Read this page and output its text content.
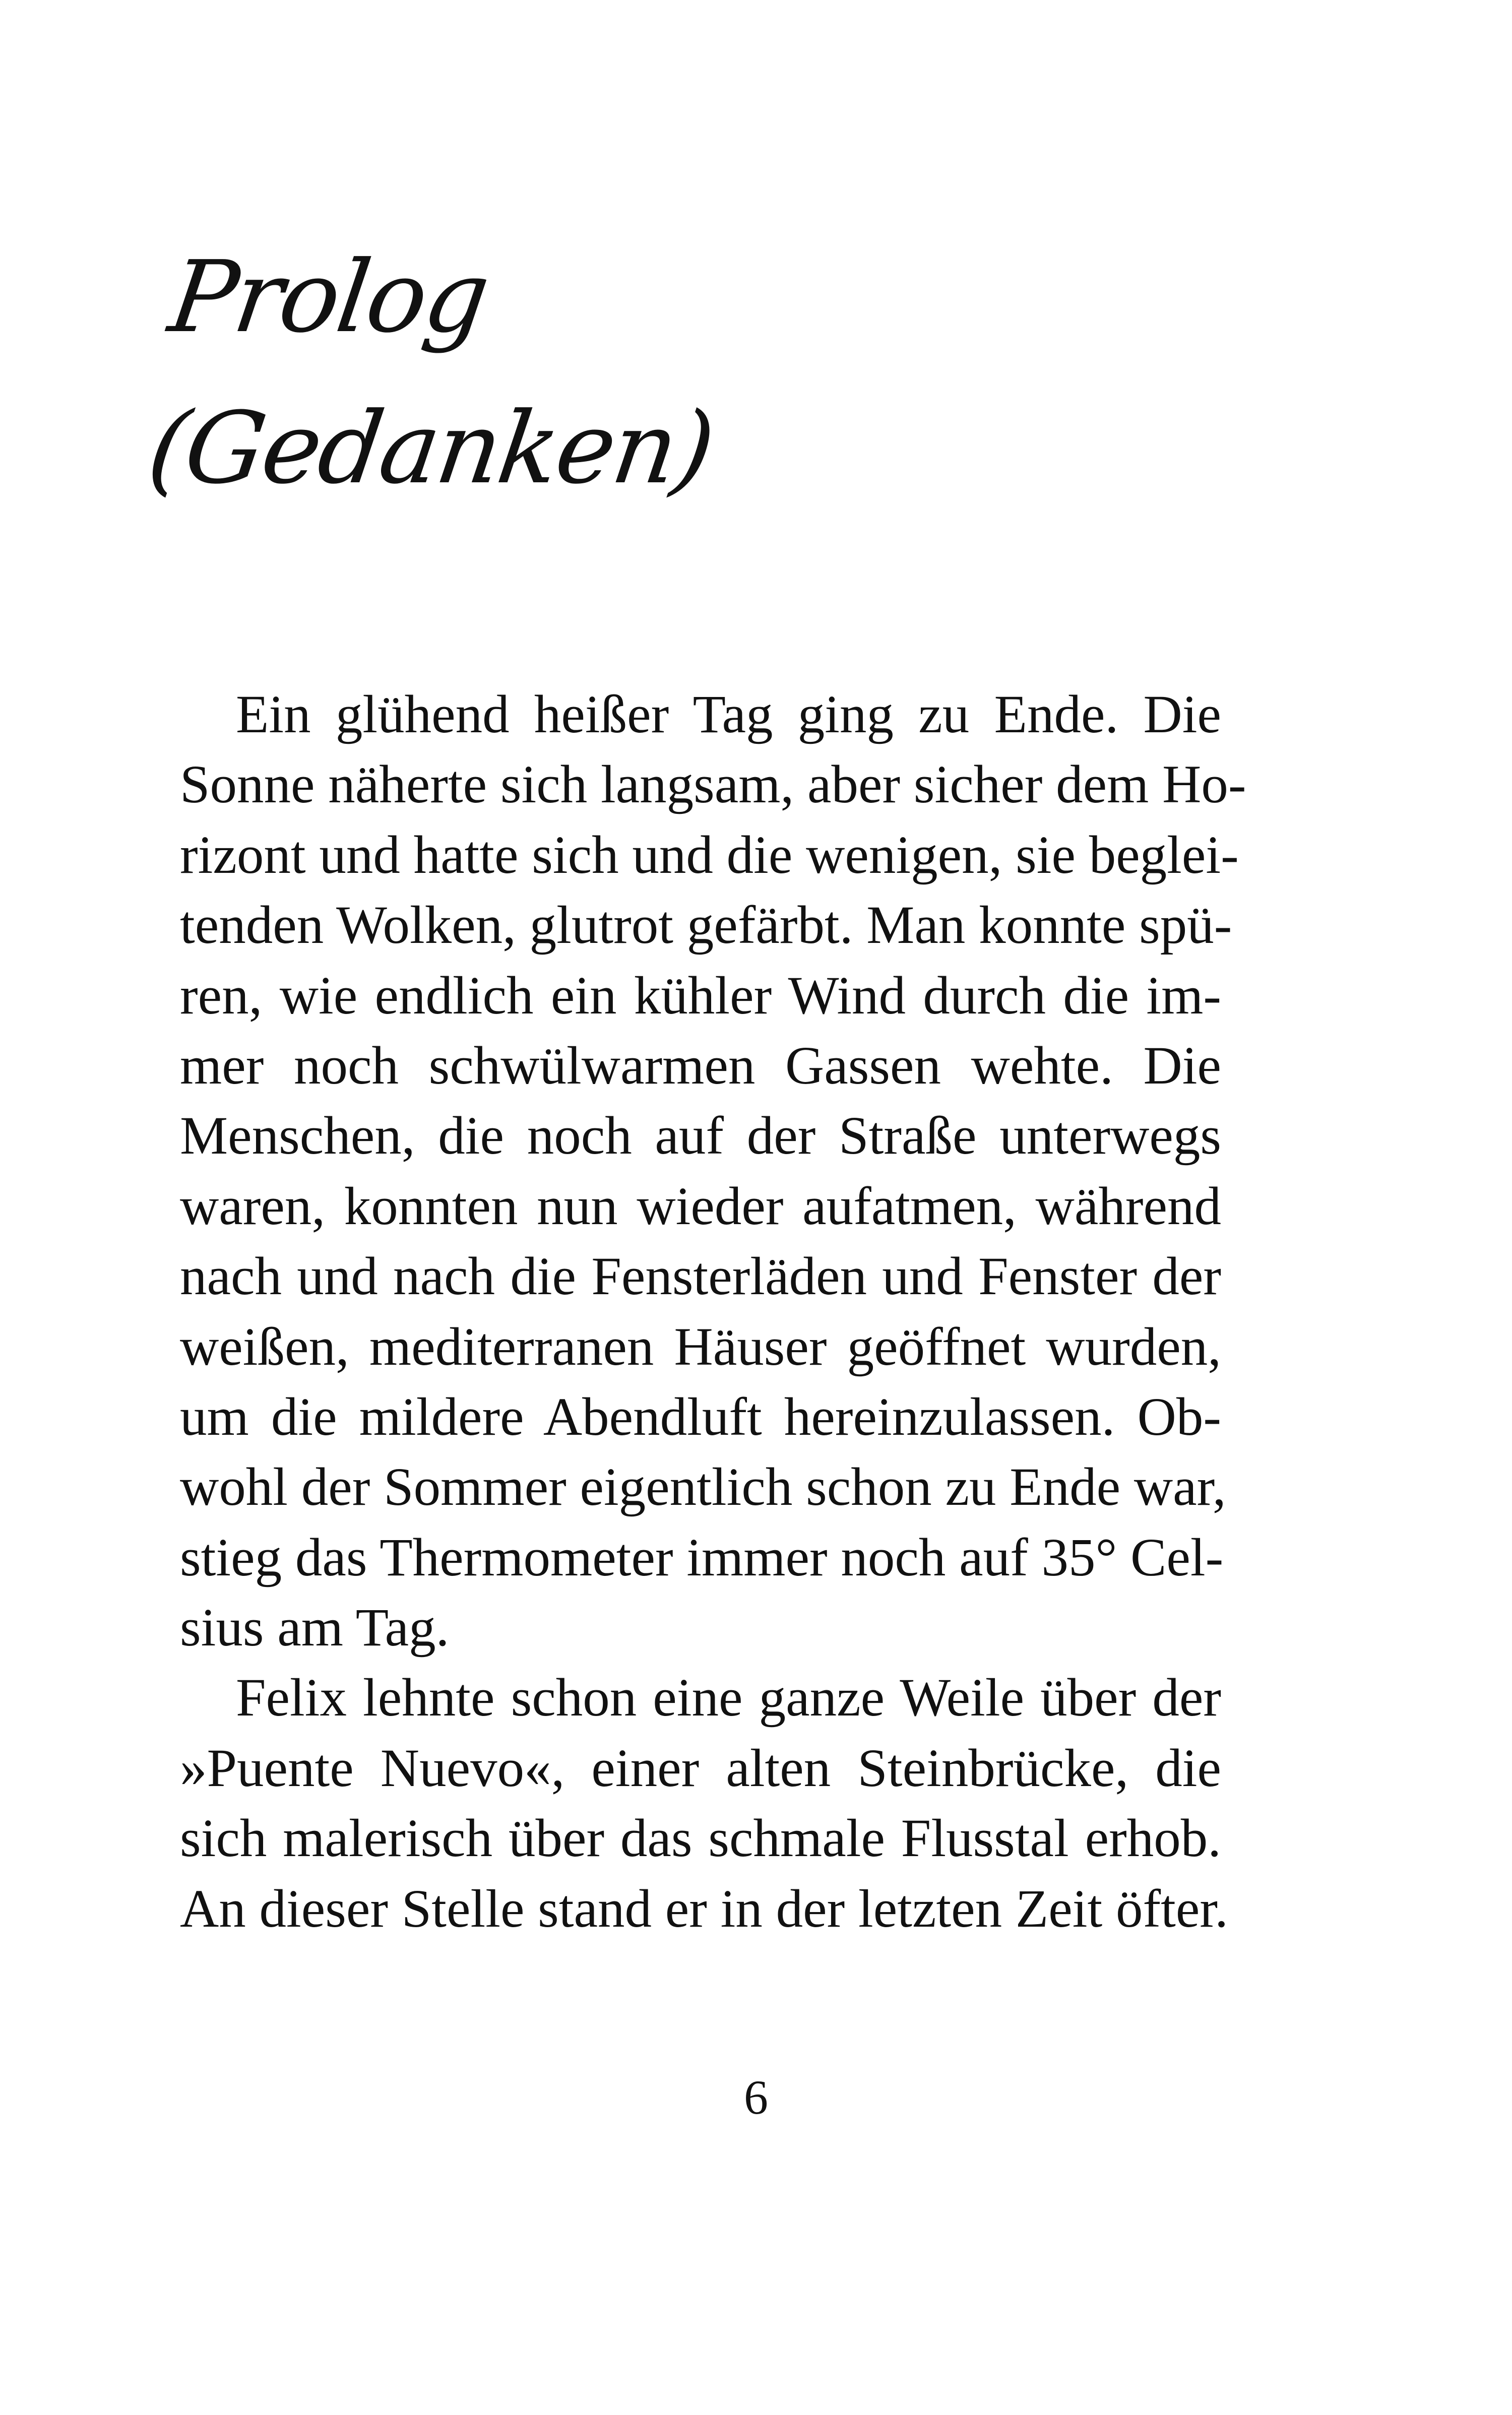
Prolog
(Gedanken)
Ein glühend heißer Tag ging zu Ende. Die
Sonne näherte sich langsam, aber sicher dem Ho-
rizont und hatte sich und die wenigen, sie beglei-
tenden Wolken, glutrot gefärbt. Man konnte spü-
ren, wie endlich ein kühler Wind durch die im-
mer noch schwülwarmen Gassen wehte. Die
Menschen, die noch auf der Straße unterwegs
waren, konnten nun wieder aufatmen, während
nach und nach die Fensterläden und Fenster der
weißen, mediterranen Häuser geöffnet wurden,
um die mildere Abendluft hereinzulassen. Ob-
wohl der Sommer eigentlich schon zu Ende war,
stieg das Thermometer immer noch auf 35° Cel-
sius am Tag.
Felix lehnte schon eine ganze Weile über der
»Puente Nuevo«, einer alten Steinbrücke, die
sich malerisch über das schmale Flusstal erhob.
An dieser Stelle stand er in der letzten Zeit öfter.
6
